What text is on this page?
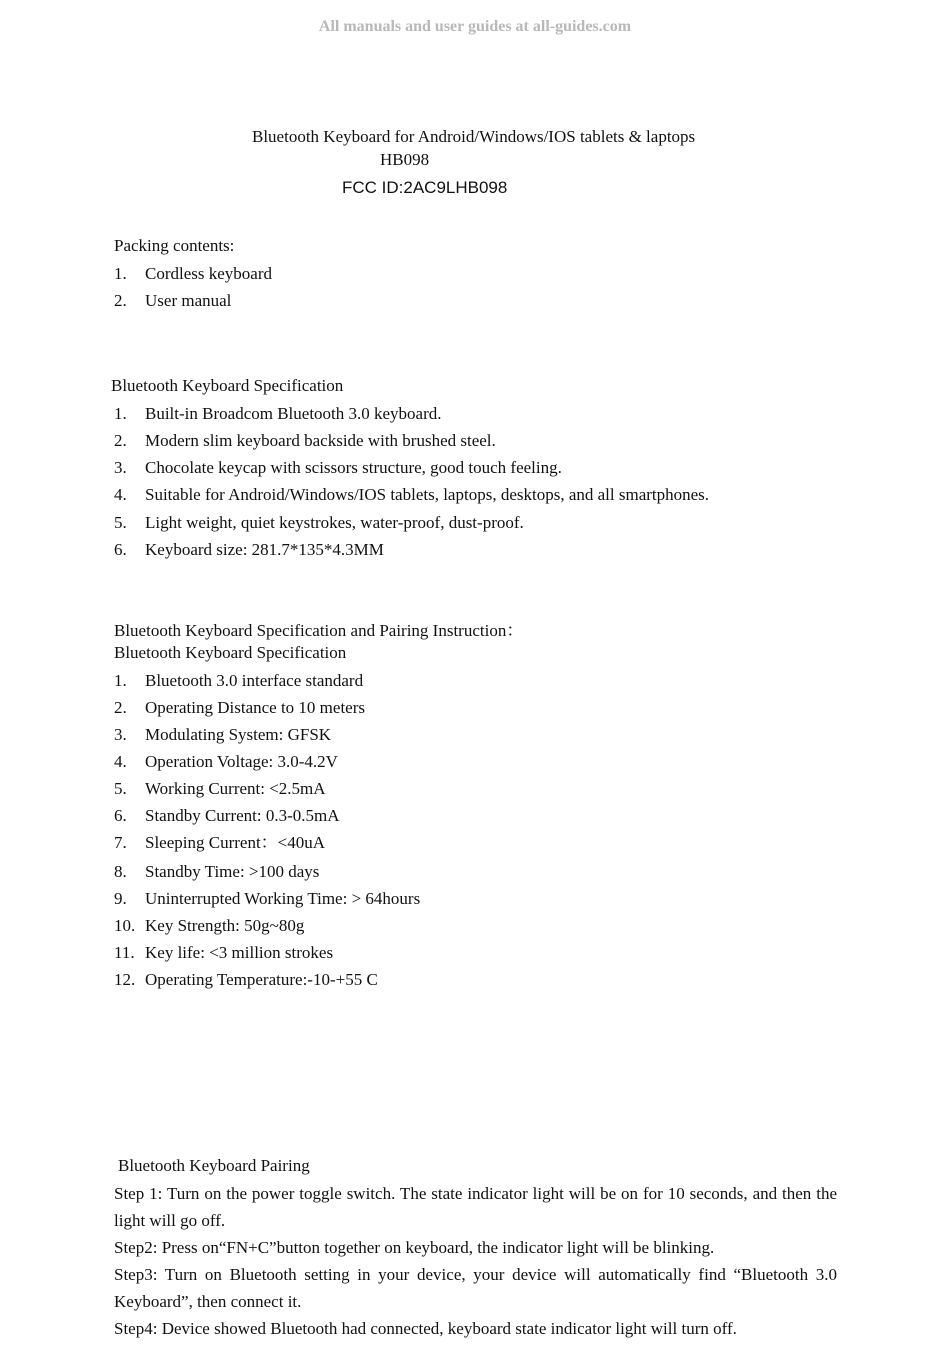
All manuals and user guides at all-guides.com
Bluetooth Keyboard for Android/Windows/IOS tablets & laptops
HB098
FCC ID:2AC9LHB098
Packing contents:
1. Cordless keyboard
2. User manual
Bluetooth Keyboard Specification
1. Built-in Broadcom Bluetooth 3.0 keyboard.
2. Modern slim keyboard backside with brushed steel.
3. Chocolate keycap with scissors structure, good touch feeling.
4. Suitable for Android/Windows/IOS tablets, laptops, desktops, and all smartphones.
5. Light weight, quiet keystrokes, water-proof, dust-proof.
6. Keyboard size: 281.7*135*4.3MM
Bluetooth Keyboard Specification and Pairing Instruction：
Bluetooth Keyboard Specification
1. Bluetooth 3.0 interface standard
2. Operating Distance to 10 meters
3. Modulating System: GFSK
4. Operation Voltage: 3.0-4.2V
5. Working Current: <2.5mA
6. Standby Current: 0.3-0.5mA
7. Sleeping Current：<40uA
8. Standby Time: >100 days
9. Uninterrupted Working Time: > 64hours
10. Key Strength: 50g~80g
11. Key life: <3 million strokes
12. Operating Temperature:-10-+55 C
Bluetooth Keyboard Pairing

Step 1: Turn on the power toggle switch. The state indicator light will be on for 10 seconds, and then the light will go off.

Step2: Press on“FN+C”button together on keyboard, the indicator light will be blinking.

Step3: Turn on Bluetooth setting in your device, your device will automatically find “Bluetooth 3.0 Keyboard”, then connect it.

Step4: Device showed Bluetooth had connected, keyboard state indicator light will turn off.
